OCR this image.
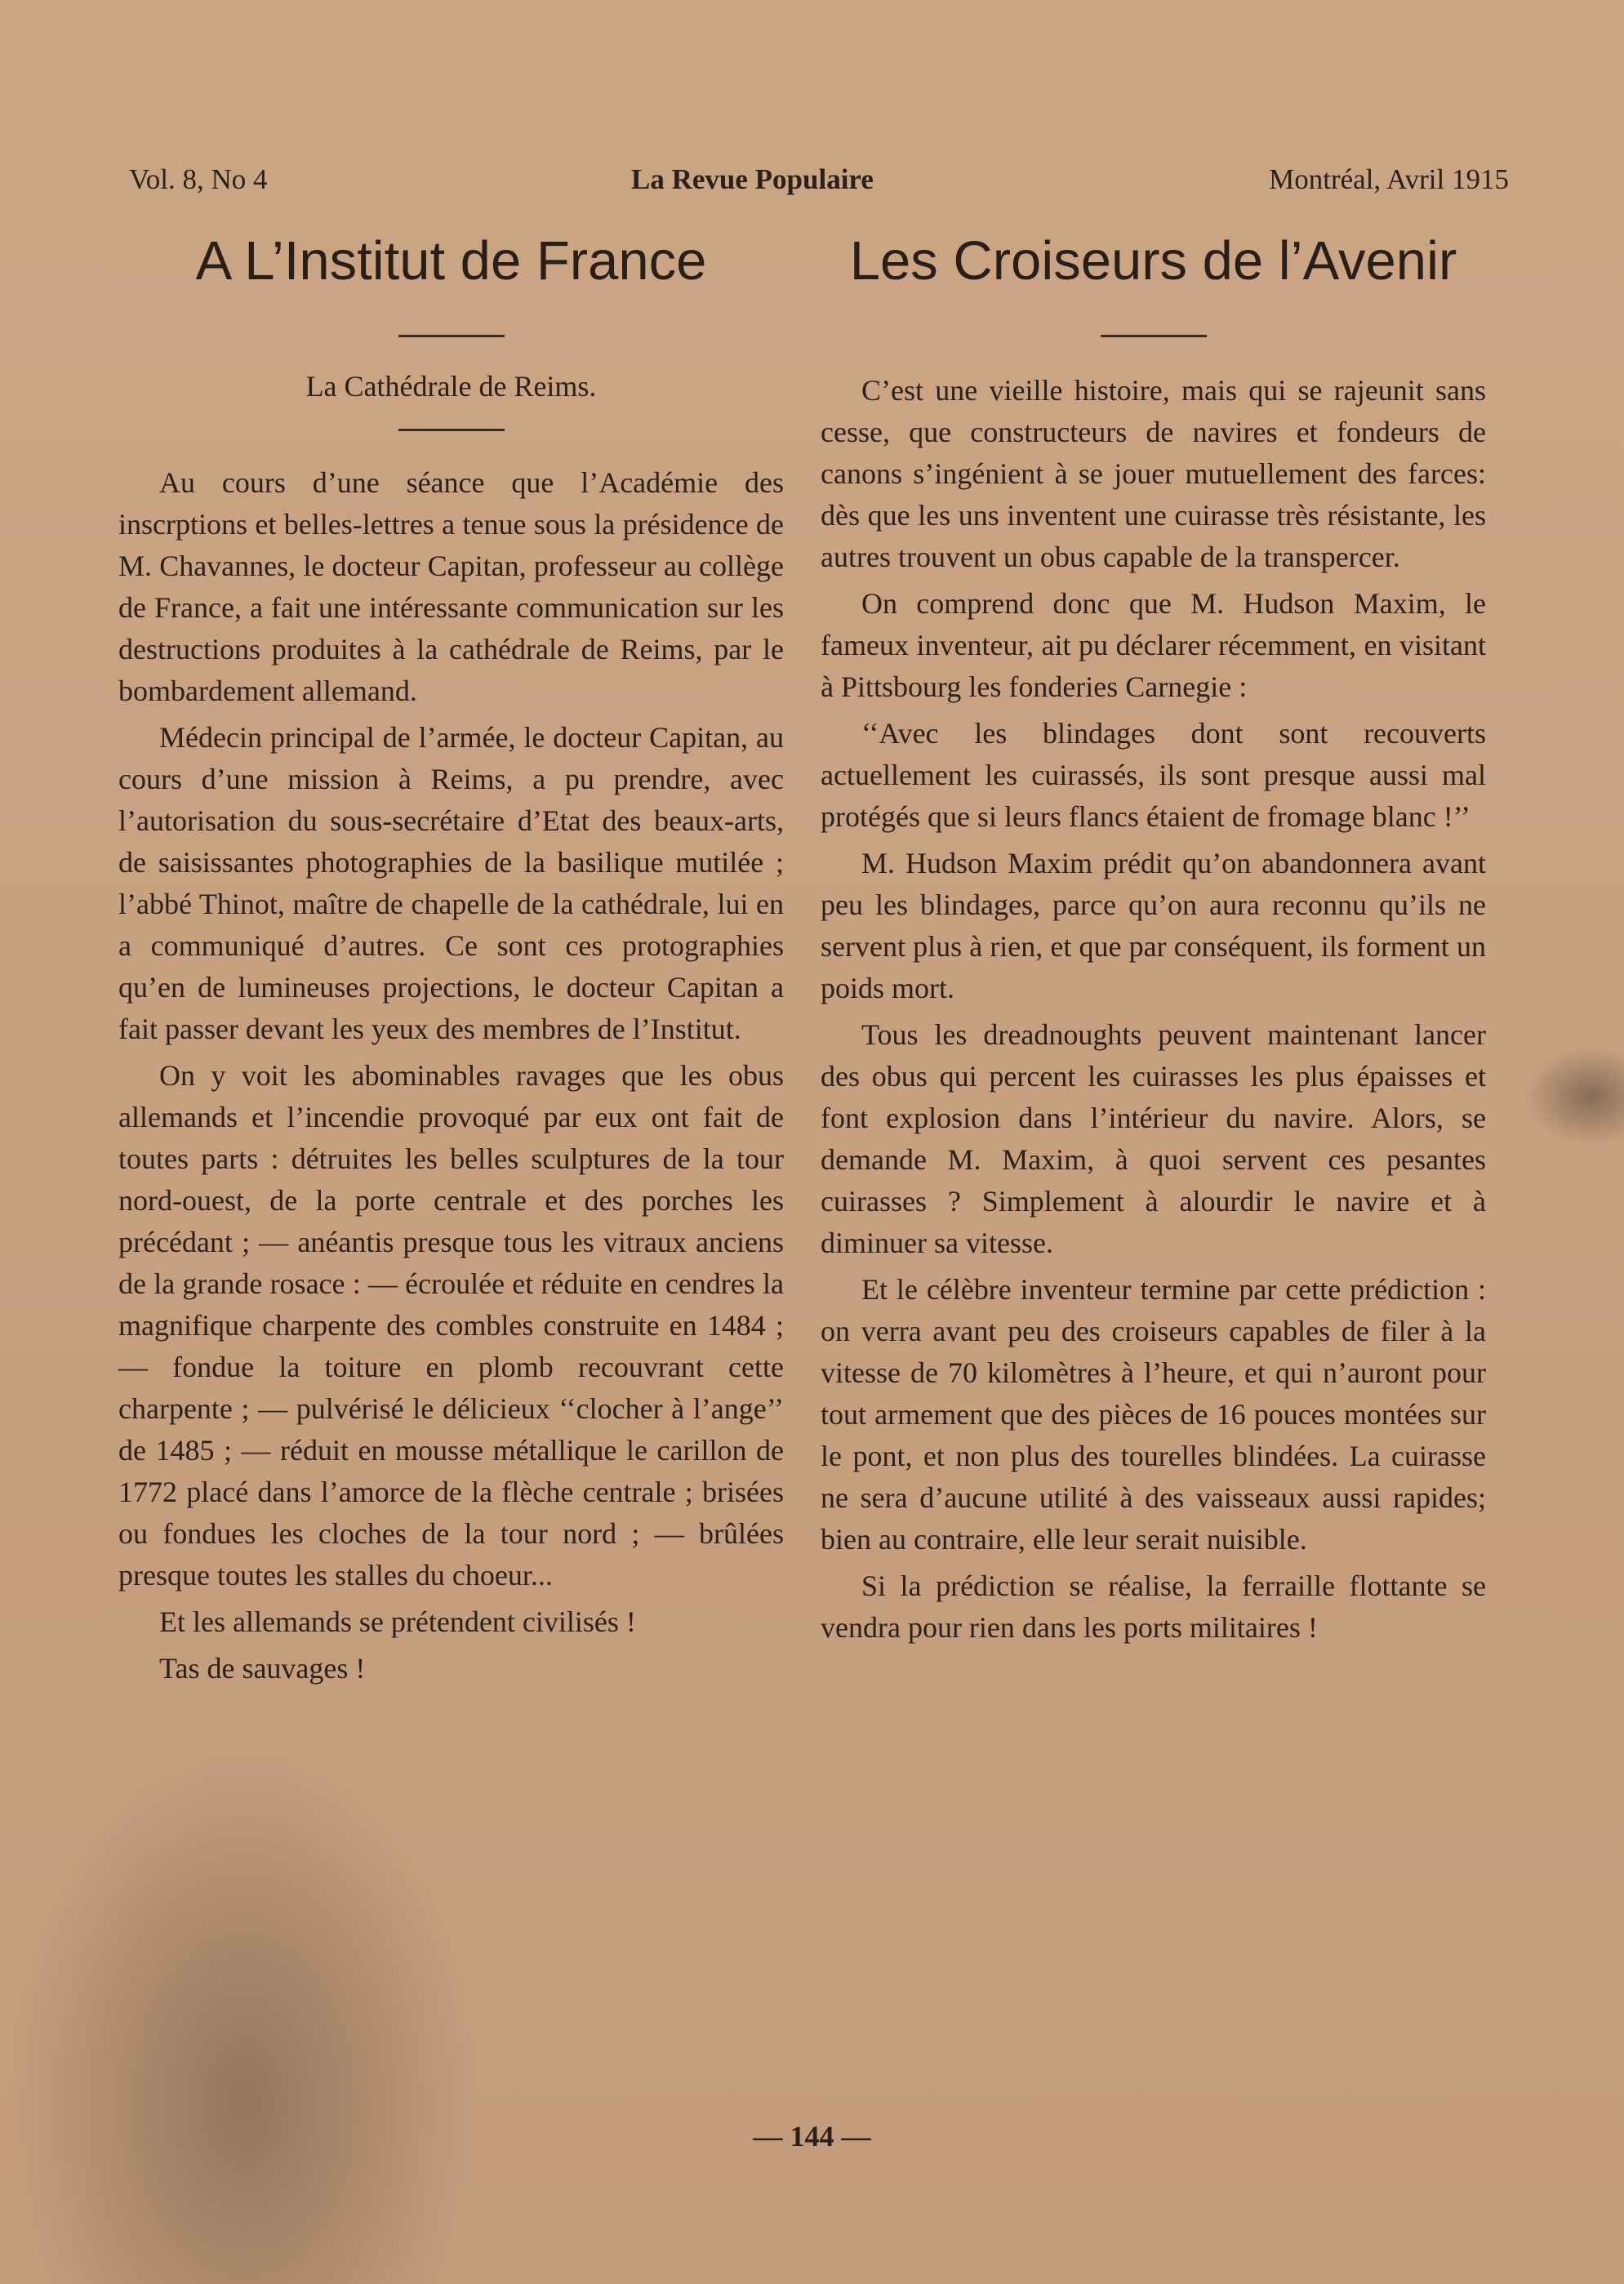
Vol. 8, No 4	La Revue Populaire	Montréal, Avril 1915
A L’Institut de France
La Cathédrale de Reims.

Au cours d’une séance que l’Académie des inscrptions et belles-lettres a tenue sous la présidence de M. Chavannes, le docteur Capitan, professeur au collège de France, a fait une intéressante communication sur les destructions produites à la cathédrale de Reims, par le bombardement allemand.

Médecin principal de l’armée, le docteur Capitan, au cours d’une mission à Reims, a pu prendre, avec l’autorisation du sous-secrétaire d’Etat des beaux-arts, de saisissantes photographies de la basilique mutilée ; l’abbé Thinot, maître de chapelle de la cathédrale, lui en a communiqué d’autres. Ce sont ces protographies qu’en de lumineuses projections, le docteur Capitan a fait passer devant les yeux des membres de l’Institut.

On y voit les abominables ravages que les obus allemands et l’incendie provoqué par eux ont fait de toutes parts : détruites les belles sculptures de la tour nord-ouest, de la porte centrale et des porches les précédant ; — anéantis presque tous les vitraux anciens de la grande rosace : — écroulée et réduite en cendres la magnifique charpente des combles construite en 1484 ; — fondue la toiture en plomb recouvrant cette charpente ; — pulvérisé le délicieux ‘‘clocher à l’ange’’ de 1485 ; — réduit en mousse métallique le carillon de 1772 placé dans l’amorce de la flèche centrale ; brisées ou fondues les cloches de la tour nord ; — brûlées presque toutes les stalles du choeur...

Et les allemands se prétendent civilisés !

Tas de sauvages !

Les Croiseurs de l’Avenir

C’est une vieille histoire, mais qui se rajeunit sans cesse, que constructeurs de navires et fondeurs de canons s’ingénient à se jouer mutuellement des farces: dès que les uns inventent une cuirasse très résistante, les autres trouvent un obus capable de la transpercer.

On comprend donc que M. Hudson Maxim, le fameux inventeur, ait pu déclarer récemment, en visitant à Pittsbourg les fonderies Carnegie :

‘‘Avec les blindages dont sont recouverts actuellement les cuirassés, ils sont presque aussi mal protégés que si leurs flancs étaient de fromage blanc !’’

M. Hudson Maxim prédit qu’on abandonnera avant peu les blindages, parce qu’on aura reconnu qu’ils ne servent plus à rien, et que par conséquent, ils forment un poids mort.

Tous les dreadnoughts peuvent maintenant lancer des obus qui percent les cuirasses les plus épaisses et font explosion dans l’intérieur du navire. Alors, se demande M. Maxim, à quoi servent ces pesantes cuirasses ? Simplement à alourdir le navire et à diminuer sa vitesse.

Et le célèbre inventeur termine par cette prédiction : on verra avant peu des croiseurs capables de filer à la vitesse de 70 kilomètres à l’heure, et qui n’auront pour tout armement que des pièces de 16 pouces montées sur le pont, et non plus des tourelles blindées. La cuirasse ne sera d’aucune utilité à des vaisseaux aussi rapides; bien au contraire, elle leur serait nuisible.

Si la prédiction se réalise, la ferraille flottante se vendra pour rien dans les ports militaires !

— 144 —
